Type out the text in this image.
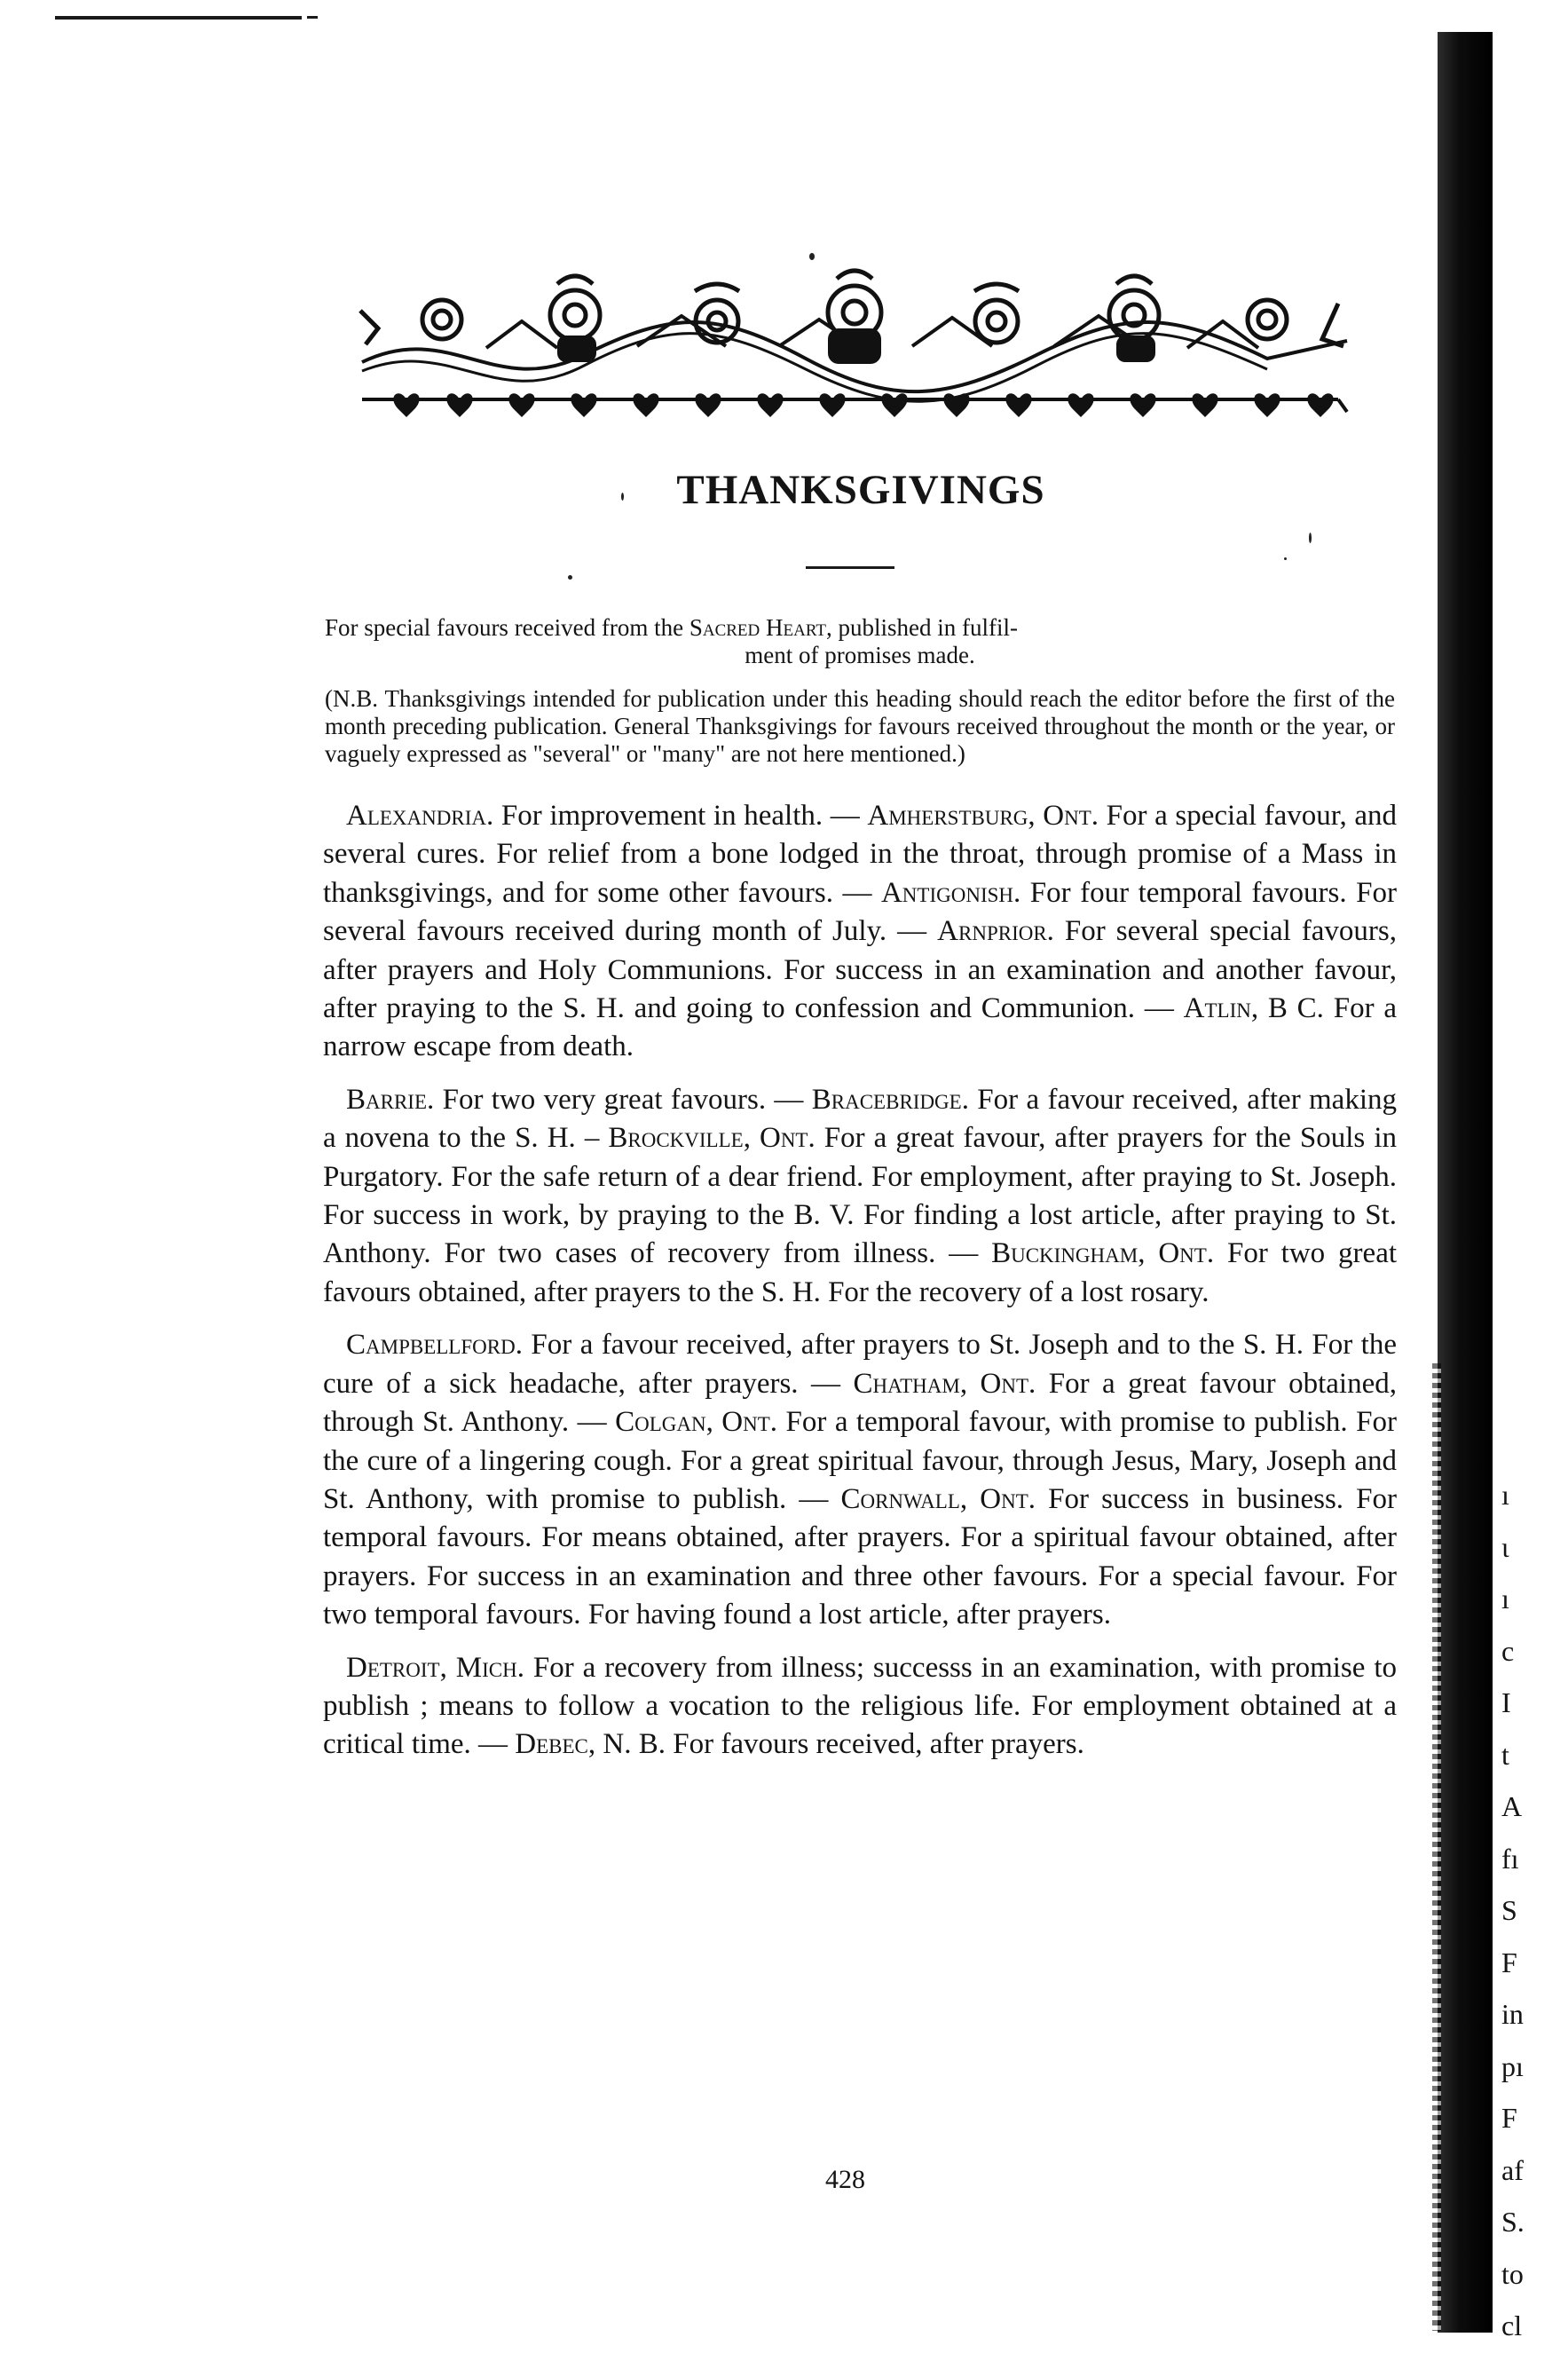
THANKSGIVINGS

For special favours received from the Sacred Heart, published in fulfil-

ment of promises made.

(N.B. Thanksgivings intended for publication under this heading should reach the editor before the first of the month preceding publication. General Thanksgivings for favours received throughout the month or the year, or vaguely expressed as "several" or "many" are not here mentioned.)

Alexandria. For improvement in health. — Amherstburg, Ont. For a special favour, and several cures. For relief from a bone lodged in the throat, through promise of a Mass in thanksgivings, and for some other favours. — Antigonish. For four temporal favours. For several favours received during month of July. — Arnprior. For several special favours, after prayers and Holy Communions. For success in an examination and another favour, after praying to the S. H. and going to confession and Communion. — Atlin, B C. For a narrow escape from death.

Barrie. For two very great favours. — Bracebridge. For a favour received, after making a novena to the S. H. – Brockville, Ont. For a great favour, after prayers for the Souls in Purgatory. For the safe return of a dear friend. For employment, after praying to St. Joseph. For success in work, by praying to the B. V. For finding a lost article, after praying to St. Anthony. For two cases of recovery from illness. — Buckingham, Ont. For two great favours obtained, after prayers to the S. H. For the recovery of a lost rosary.

Campbellford. For a favour received, after prayers to St. Joseph and to the S. H. For the cure of a sick headache, after prayers. — Chatham, Ont. For a great favour obtained, through St. Anthony. — Colgan, Ont. For a temporal favour, with promise to publish. For the cure of a lingering cough. For a great spiritual favour, through Jesus, Mary, Joseph and St. Anthony, with promise to publish. — Cornwall, Ont. For success in business. For temporal favours. For means obtained, after prayers. For a spiritual favour obtained, after prayers. For success in an examination and three other favours. For a special favour. For two temporal favours. For having found a lost article, after prayers.

Detroit, Mich. For a recovery from illness; successs in an examination, with promise to publish ; means to follow a vocation to the religious life. For employment obtained at a critical time. — Debec, N. B. For favours received, after prayers.

428
ı
ɩ
ı
c
I
t
A
fı
S
F
in
pı
F
af
S.
to
cl
